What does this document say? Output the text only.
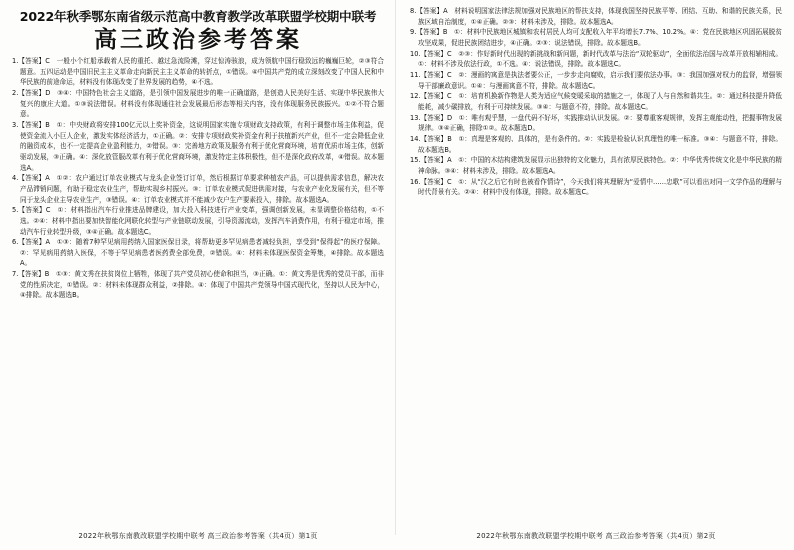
2022年秋季鄂东南省级示范高中教育教学改革联盟学校期中联考
高三政治参考答案

1.【答案】C　一般小个红船承载着人民的重托、越过急流险滩，穿过惊涛骇浪，成为领航中国行稳致远的巍巍巨轮，②③符合题意。五四运动是中国旧民主主义革命走向新民主主义革命的转折点，①错误。④中国共产党的成立深刻改变了中国人民和中华民族的前途命运，材料没有体现改变了世界发展的趋势，④不选。

2.【答案】D　③④：中国特色社会主义道路，是引领中国发展进步的唯一正确道路，是创造人民美好生活、实现中华民族伟大复兴的康庄大道。①③说法错误。材料没有体现通往社会发展最后形态等相关内容，没有体现服务民族振兴。①②不符合题意。

3.【答案】B　①：中央财政将安排100亿元以上奖补资金，这说明国家实施专项财政支持政策，有利于调整市场主体利益，促使资金流入小巨人企业，激发实体经济活力，①正确。②：安排专项财政奖补资金有利于扶植新兴产业，但不一定会降低企业的融资成本，也不一定提高企业盈利能力，②错误。③：完善地方政策及服务有利于优化营商环境，培育优质市场主体，创新驱动发展，③正确。④：深化放管服改革有利于优化营商环境，激发特定主体积极性，但不是深化政府改革，④错误。故本题选A。

4.【答案】A　①②：农户通过订单农业模式与龙头企业签订订单，然后根据订单要求种植农产品，可以提供需求信息，解决农产品滞销问题，有助于稳定农业生产，帮助实现乡村振兴。③：订单农业模式促进供需对接，与农业产业化发展有关，但不等同于龙头企业主导农业生产，③错误。④：订单农业模式并不能减少农户生产要素投入，排除。故本题选A。

5.【答案】C　①：材料指出汽车行业推进品牌建设，加大投入科技进行产业变革，强调创新发展，未显调整价格结构，①不选。②④：材料中指出要加快智能化网联化转型与产业链联动发展，引导资源流动，发挥汽车消费作用，有利于稳定市场，推动汽车行业转型升级，③④正确。故本题选C。

6.【答案】A　①③：随着7种罕见病用药纳入国家医保目录，将帮助更多罕见病患者减轻负担，享受到“保得起”的医疗保障。②：罕见病用药纳入医保，不等于罕见病患者医药费全部免费，②错误。④：材料未体现医保资金筹集，④排除。故本题选A。

7.【答案】B　①③：黄文秀在扶贫岗位上牺牲，体现了共产党员初心使命和担当，③正确。①：黄文秀是优秀的党员干部，而非党的性质决定，①错误。②：材料未体现群众利益，②排除。④：体现了中国共产党领导中国式现代化，坚持以人民为中心，④排除。故本题选B。

8.【答案】A　材料说明国家法律法规加强对民族地区的帮扶支持，体现我国坚持民族平等、团结、互助、和谐的民族关系，民族区域自治制度，①④正确。②③：材料未涉及，排除。故本题选A。

9.【答案】B　①：材料中民族地区城镇和农村居民人均可支配收入年平均增长7.7%、10.2%。④：党在民族地区巩固拓展脱贫攻坚成果，促进民族团结进步，④正确。②③：说法错误，排除。故本题选B。

10.【答案】C　②③：作好新时代出现的新挑战和新问题，新时代改革与法治“双轮驱动”，全面依法治国与改革开放相辅相成。①：材料不涉及依法行政，①不选。④：说法错误，排除。故本题选C。

11.【答案】C　②：漫画的寓意是执法者要公正，一步步走向腐败，启示我们要依法办事。③：我国加强对权力的监督，增强领导干部廉政意识。①④：与漫画寓意不符，排除。故本题选C。

12.【答案】C　①：培育机换新作物是人类为适应气候变暖采取的措施之一，体现了人与自然和谐共生。②：通过科技提升降低能耗，减少碳排放，有利于可持续发展。③④：与题意不符，排除。故本题选C。

13.【答案】D　①：唯有观乎慧，一盘代码不好坏，实践推动认识发展。②：要尊重客观规律，发挥主观能动性，把握事物发展规律。③④正确，排除①②。故本题选D。

14.【答案】B　①：真理是客观的、具体的，是有条件的。②：实践是检验认识真理性的唯一标准。③④：与题意不符，排除。故本题选B。

15.【答案】A　①：中国的木结构建筑发展显示出独特的文化魅力，具有浓厚民族特色。②：中华优秀传统文化是中华民族的精神命脉。③④：材料未涉及，排除。故本题选A。

16.【答案】C　①：从“汉之后它有时也被看作情诗”，今天我们将其理解为“爱情中……忠歌”可以看出对同一文学作品的理解与时代背景有关。②④：材料中没有体现，排除。故本题选C。

2022年秋鄂东南教改联盟学校期中联考 高三政治参考答案（共4页）第1页	2022年秋鄂东南教改联盟学校期中联考 高三政治参考答案（共4页）第2页
